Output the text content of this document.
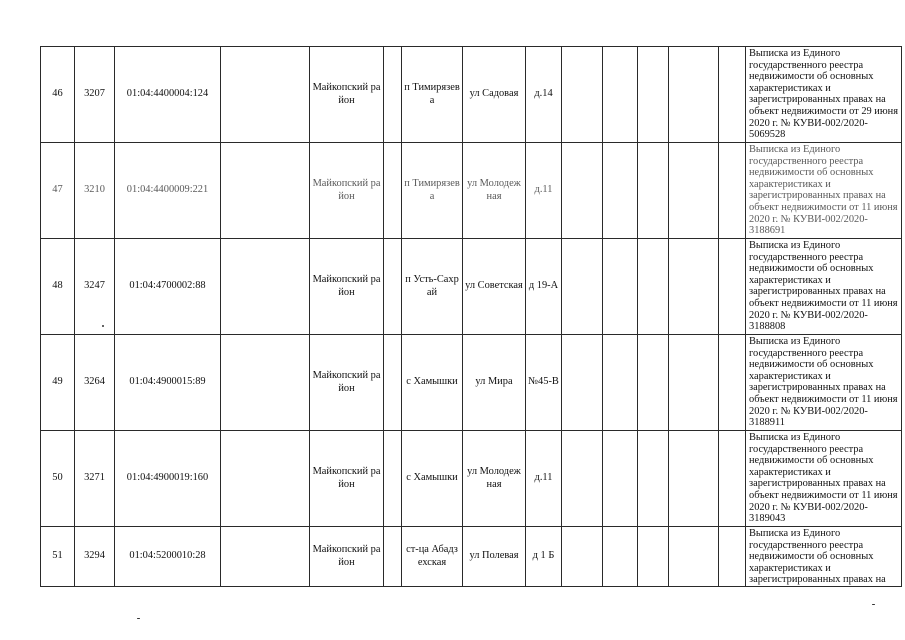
46	3207	01:04:4400004:124		Майкопский район		п Тимирязева	ул Садовая	д.14						Выписка из Единого государственного реестра недвижимости об основных характеристиках и зарегистрированных правах на объект недвижимости от 29 июня 2020 г. № КУВИ-002/2020-5069528
47	3210	01:04:4400009:221		Майкопский район		п Тимирязева	ул Молодежная	д.11						Выписка из Единого государственного реестра недвижимости об основных характеристиках и зарегистрированных правах на объект недвижимости от 11 июня 2020 г. № КУВИ-002/2020-3188691
48	3247	01:04:4700002:88		Майкопский район		п Усть-Сахрай	ул Советская	д 19-А						Выписка из Единого государственного реестра недвижимости об основных характеристиках и зарегистрированных правах на объект недвижимости от 11 июня 2020 г. № КУВИ-002/2020-3188808
49	3264	01:04:4900015:89		Майкопский район		с Хамышки	ул Мира	№45-В						Выписка из Единого государственного реестра недвижимости об основных характеристиках и зарегистрированных правах на объект недвижимости от 11 июня 2020 г. № КУВИ-002/2020-3188911
50	3271	01:04:4900019:160		Майкопский район		с Хамышки	ул Молодежная	д.11						Выписка из Единого государственного реестра недвижимости об основных характеристиках и зарегистрированных правах на объект недвижимости от 11 июня 2020 г. № КУВИ-002/2020-3189043
51	3294	01:04:5200010:28		Майкопский район		ст-ца Абадзехская	ул Полевая	д 1 Б						Выписка из Единого государственного реестра недвижимости об основных характеристиках и зарегистрированных правах на
